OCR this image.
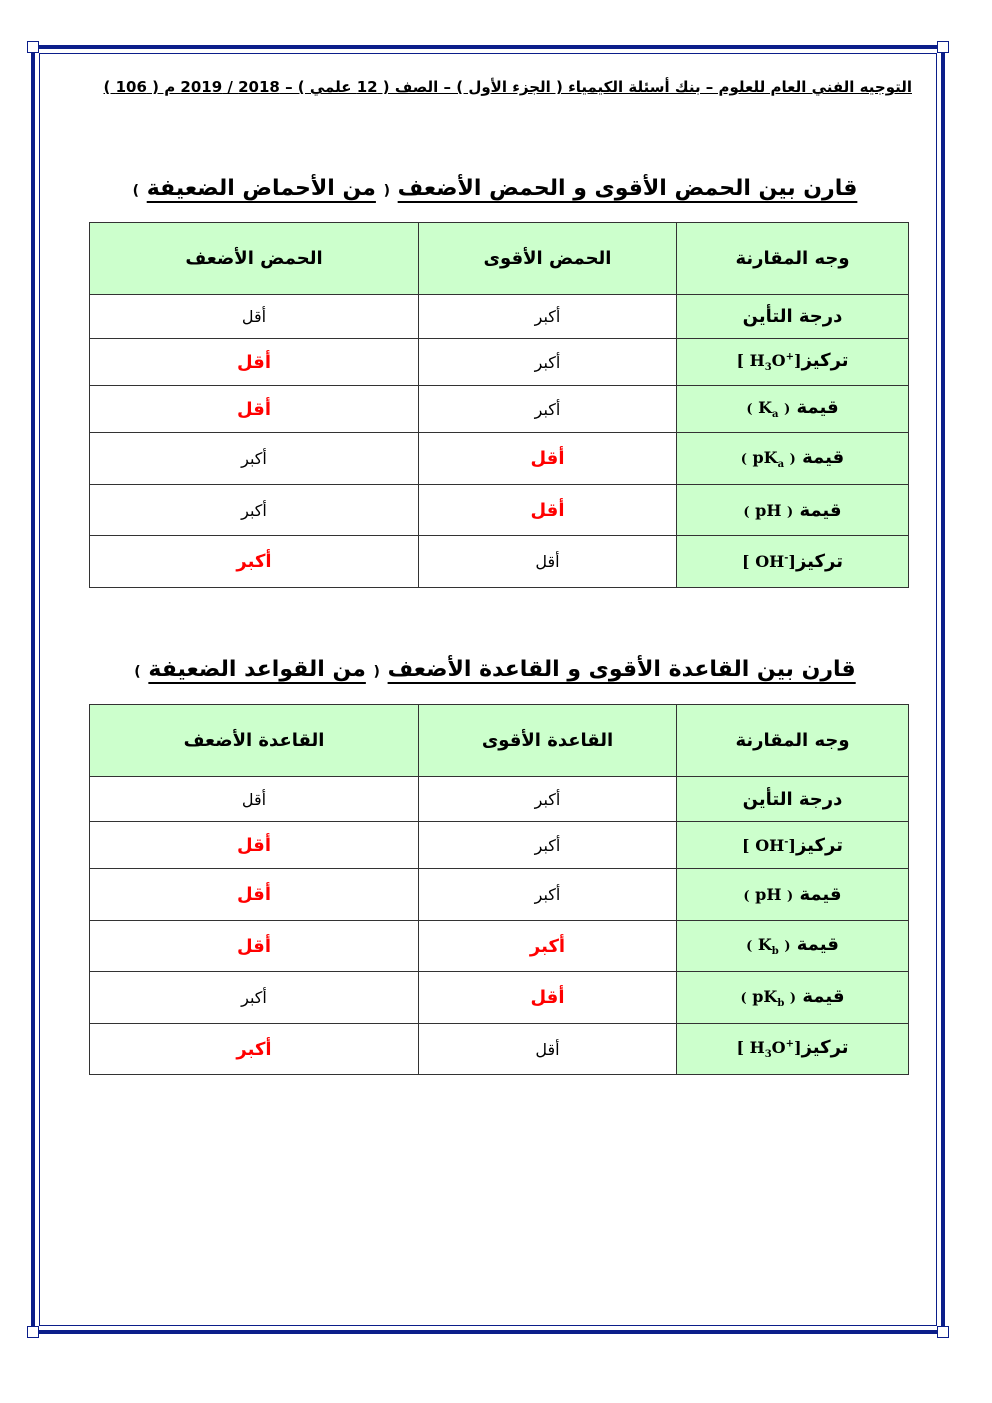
التوجيه الفني العام للعلوم – بنك أسئلة الكيمياء ( الجزء الأول ) – الصف ( 12 علمي ) – 2018 / 2019 م ( 106 )
قارن بين الحمض الأقوى و الحمض الأضعف ( من الأحماض الضعيفة )
وجه المقارنة	الحمض الأقوى	الحمض الأضعف
درجة التأين	أكبر	أقل
تركيز[ $H_3O^+$]	أكبر	أقل
قيمة ( $K_a$ )	أكبر	أقل
قيمة ( $pK_a$ )	أقل	أكبر
قيمة ( pH )	أقل	أكبر
تركيز[ OH-]	أقل	أكبر
قارن بين القاعدة الأقوى و القاعدة الأضعف ( من القواعد الضعيفة )
وجه المقارنة	القاعدة الأقوى	القاعدة الأضعف
درجة التأين	أكبر	أقل
تركيز[ OH-]	أكبر	أقل
قيمة ( pH )	أكبر	أقل
قيمة ( $K_b$ )	أكبر	أقل
قيمة ( $pK_b$ )	أقل	أكبر
تركيز[ $H_3O^+$]	أقل	أكبر
